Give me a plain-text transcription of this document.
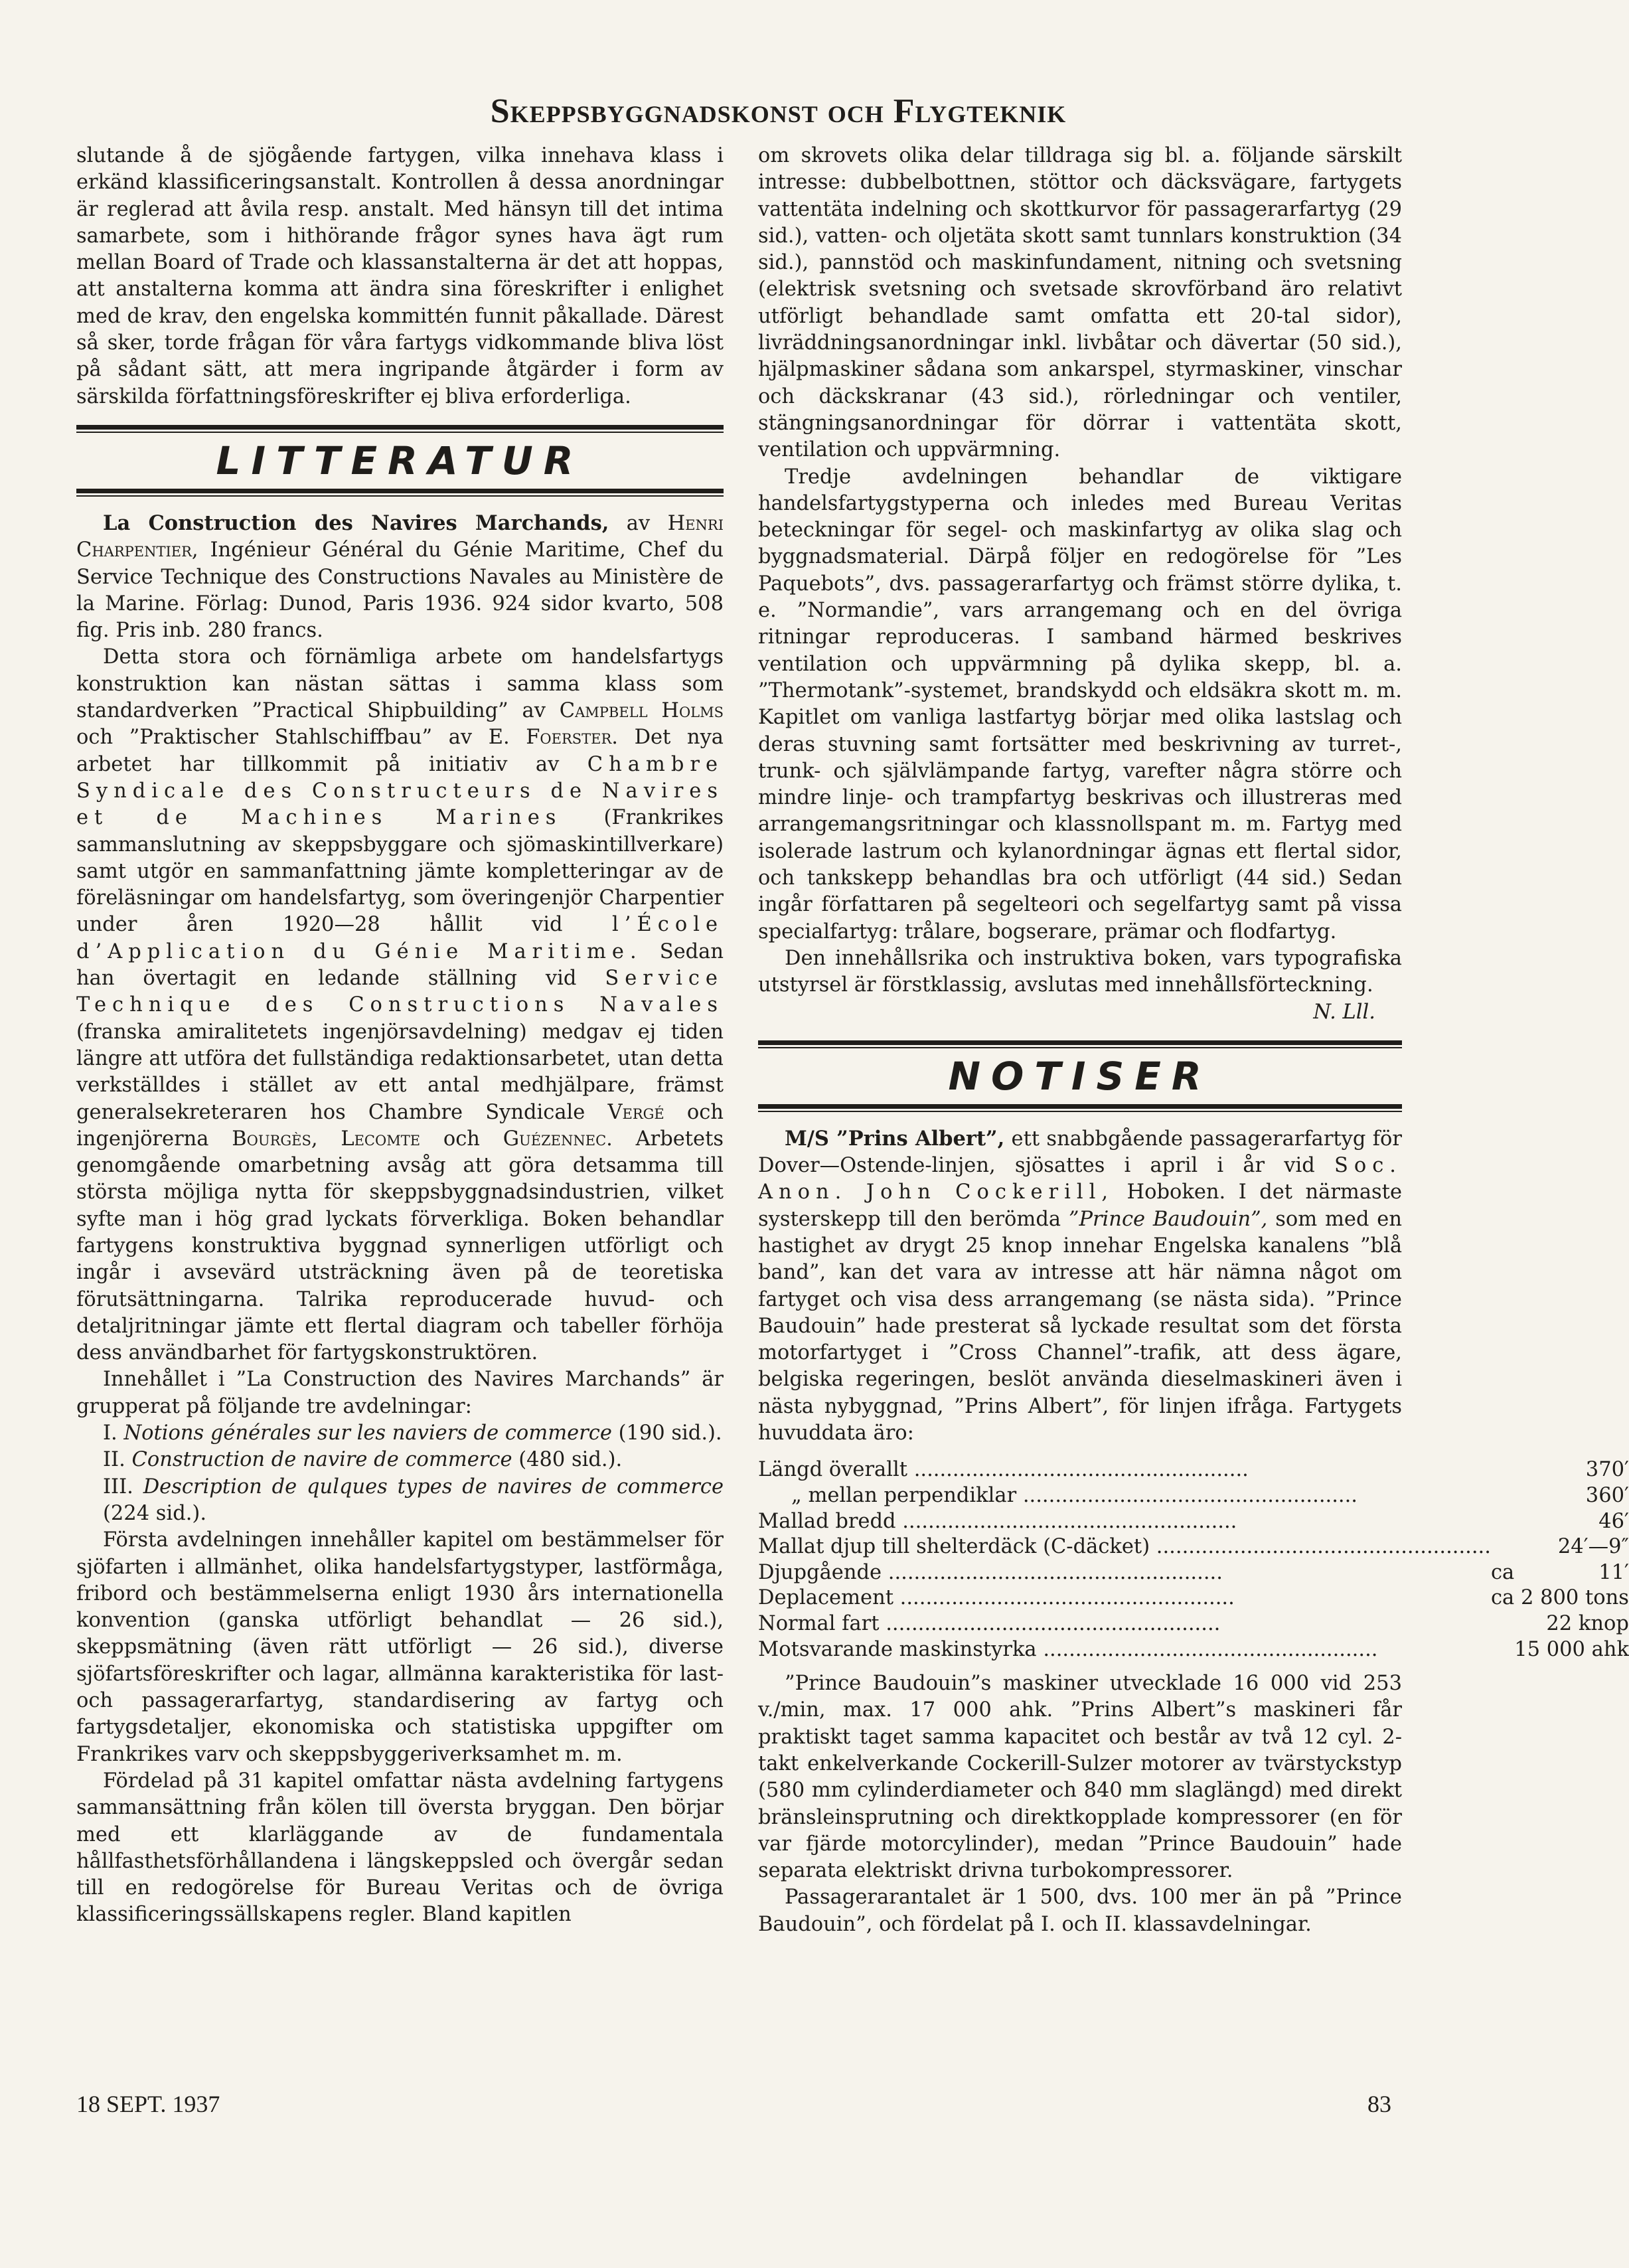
Skeppsbyggnadskonst och Flygteknik

slutande å de sjögående fartygen, vilka innehava klass i erkänd klassificeringsanstalt. Kontrollen å dessa anordningar är reglerad att åvila resp. anstalt. Med hänsyn till det intima samarbete, som i hithörande frågor synes hava ägt rum mellan Board of Trade och klassanstalterna är det att hoppas, att anstalterna komma att ändra sina föreskrifter i enlighet med de krav, den engelska kommittén funnit påkallade. Därest så sker, torde frågan för våra fartygs vidkommande bliva löst på sådant sätt, att mera ingripande åtgärder i form av särskilda författningsföreskrifter ej bliva erforderliga.

LITTERATUR

La Construction des Navires Marchands, av Henri Charpentier, Ingénieur Général du Génie Maritime, Chef du Service Technique des Constructions Navales au Ministère de la Marine. Förlag: Dunod, Paris 1936. 924 sidor kvarto, 508 fig. Pris inb. 280 francs.

Detta stora och förnämliga arbete om handelsfartygs konstruktion kan nästan sättas i samma klass som standardverken ”Practical Shipbuilding” av Campbell Holms och ”Praktischer Stahlschiffbau” av E. Foerster. Det nya arbetet har tillkommit på initiativ av Chambre Syndicale des Constructeurs de Navires et de Machines Marines (Frankrikes sammanslutning av skeppsbyggare och sjömaskintillverkare) samt utgör en sammanfattning jämte kompletteringar av de föreläsningar om handelsfartyg, som överingenjör Charpentier under åren 1920—28 hållit vid l’École d’Application du Génie Maritime. Sedan han övertagit en ledande ställning vid Service Technique des Constructions Navales (franska amiralitetets ingenjörsavdelning) medgav ej tiden längre att utföra det fullständiga redaktionsarbetet, utan detta verkställdes i stället av ett antal medhjälpare, främst generalsekreteraren hos Chambre Syndicale Vergé och ingenjörerna Bourgès, Lecomte och Guézennec. Arbetets genomgående omarbetning avsåg att göra detsamma till största möjliga nytta för skeppsbyggnadsindustrien, vilket syfte man i hög grad lyckats förverkliga. Boken behandlar fartygens konstruktiva byggnad synnerligen utförligt och ingår i avsevärd utsträckning även på de teoretiska förutsättningarna. Talrika reproducerade huvud- och detaljritningar jämte ett flertal diagram och tabeller förhöja dess användbarhet för fartygskonstruktören.

Innehållet i ”La Construction des Navires Marchands” är grupperat på följande tre avdelningar:

I. Notions générales sur les naviers de commerce (190 sid.).

II. Construction de navire de commerce (480 sid.).

III. Description de qulques types de navires de commerce (224 sid.).

Första avdelningen innehåller kapitel om bestämmelser för sjöfarten i allmänhet, olika handelsfartygstyper, lastförmåga, fribord och bestämmelserna enligt 1930 års internationella konvention (ganska utförligt behandlat — 26 sid.), skeppsmätning (även rätt utförligt — 26 sid.), diverse sjöfartsföreskrifter och lagar, allmänna karakteristika för last- och passagerarfartyg, standardisering av fartyg och fartygsdetaljer, ekonomiska och statistiska uppgifter om Frankrikes varv och skeppsbyggeriverksamhet m. m.

Fördelad på 31 kapitel omfattar nästa avdelning fartygens sammansättning från kölen till översta bryggan. Den börjar med ett klarläggande av de fundamentala hållfasthetsförhållandena i längskeppsled och övergår sedan till en redogörelse för Bureau Veritas och de övriga klassificeringssällskapens regler. Bland kapitlen

om skrovets olika delar tilldraga sig bl. a. följande särskilt intresse: dubbelbottnen, stöttor och däcksvägare, fartygets vattentäta indelning och skottkurvor för passagerarfartyg (29 sid.), vatten- och oljetäta skott samt tunnlars konstruktion (34 sid.), pannstöd och maskinfundament, nitning och svetsning (elektrisk svetsning och svetsade skrovförband äro relativt utförligt behandlade samt omfatta ett 20-tal sidor), livräddningsanordningar inkl. livbåtar och dävertar (50 sid.), hjälpmaskiner sådana som ankarspel, styrmaskiner, vinschar och däckskranar (43 sid.), rörledningar och ventiler, stängningsanordningar för dörrar i vattentäta skott, ventilation och uppvärmning.

Tredje avdelningen behandlar de viktigare handelsfartygstyperna och inledes med Bureau Veritas beteckningar för segel- och maskinfartyg av olika slag och byggnadsmaterial. Därpå följer en redogörelse för ”Les Paquebots”, dvs. passagerarfartyg och främst större dylika, t. e. ”Normandie”, vars arrangemang och en del övriga ritningar reproduceras. I samband härmed beskrives ventilation och uppvärmning på dylika skepp, bl. a. ”Thermotank”-systemet, brandskydd och eldsäkra skott m. m. Kapitlet om vanliga lastfartyg börjar med olika lastslag och deras stuvning samt fortsätter med beskrivning av turret-, trunk- och självlämpande fartyg, varefter några större och mindre linje- och trampfartyg beskrivas och illustreras med arrangemangsritningar och klassnollspant m. m. Fartyg med isolerade lastrum och kylanordningar ägnas ett flertal sidor, och tankskepp behandlas bra och utförligt (44 sid.) Sedan ingår författaren på segelteori och segelfartyg samt på vissa specialfartyg: trålare, bogserare, prämar och flodfartyg.

Den innehållsrika och instruktiva boken, vars typografiska utstyrsel är förstklassig, avslutas med innehållsförteckning.

N. Lll.
NOTISER

M/S ”Prins Albert”, ett snabbgående passagerarfartyg för Dover—Ostende-linjen, sjösattes i april i år vid Soc. Anon. John Cockerill, Hoboken. I det närmaste systerskepp till den berömda ”Prince Baudouin”, som med en hastighet av drygt 25 knop innehar Engelska kanalens ”blå band”, kan det vara av intresse att här nämna något om fartyget och visa dess arrangemang (se nästa sida). ”Prince Baudouin” hade presterat så lyckade resultat som det första motorfartyget i ”Cross Channel”-trafik, att dess ägare, belgiska regeringen, beslöt använda dieselmaskineri även i nästa nybyggnad, ”Prins Albert”, för linjen ifråga. Fartygets huvuddata äro:

Längd överallt ....................................................		370′
„ mellan perpendiklar ....................................................		360′
Mallad bredd ....................................................		46′
Mallat djup till shelterdäck (C-däcket) ....................................................		24′—9″
Djupgående ....................................................	ca	11′
Deplacement ....................................................	ca	2 800 tons
Normal fart ....................................................		22 knop
Motsvarande maskinstyrka ....................................................		15 000 ahk

”Prince Baudouin”s maskiner utvecklade 16 000 vid 253 v./min, max. 17 000 ahk. ”Prins Albert”s maskineri får praktiskt taget samma kapacitet och består av två 12 cyl. 2-takt enkelverkande Cockerill-Sulzer motorer av tvärstyckstyp (580 mm cylinderdiameter och 840 mm slaglängd) med direkt bränsleinsprutning och direktkopplade kompressorer (en för var fjärde motorcylinder), medan ”Prince Baudouin” hade separata elektriskt drivna turbokompressorer.

Passagerarantalet är 1 500, dvs. 100 mer än på ”Prince Baudouin”, och fördelat på I. och II. klassavdelningar.

18 SEPT. 1937	83
